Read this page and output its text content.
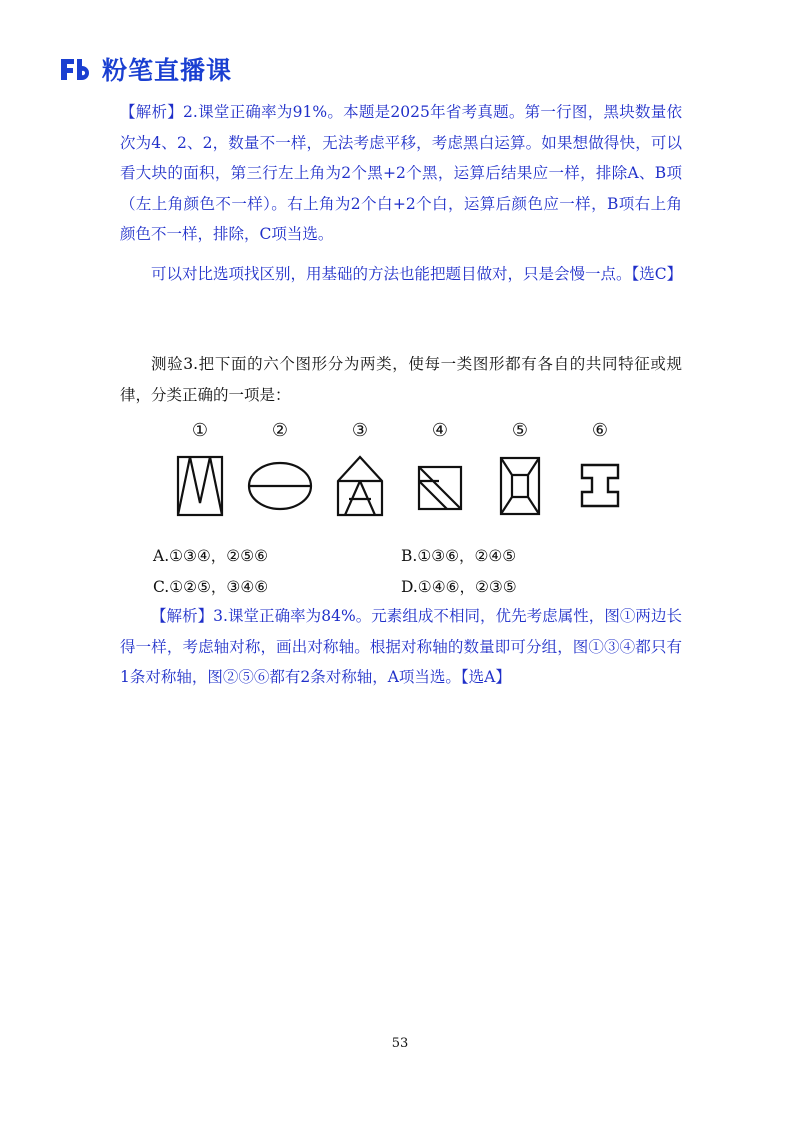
粉笔直播课

【解析】2.课堂正确率为91%。本题是2025年省考真题。第一行图，黑块数量依次为4、2、2，数量不一样，无法考虑平移，考虑黑白运算。如果想做得快，可以看大块的面积，第三行左上角为2个黑+2个黑，运算后结果应一样，排除A、B项（左上角颜色不一样）。右上角为2个白+2个白，运算后颜色应一样，B项右上角颜色不一样，排除，C项当选。

可以对比选项找区别，用基础的方法也能把题目做对，只是会慢一点。【选C】

测验3.把下面的六个图形分为两类，使每一类图形都有各自的共同特征或规律，分类正确的一项是：

①	②	③	④	⑤	⑥
A.①③④，②⑤⑥	B.①③⑥，②④⑤
C.①②⑤，③④⑥	D.①④⑥，②③⑤

【解析】3.课堂正确率为84%。元素组成不相同，优先考虑属性，图①两边长得一样，考虑轴对称，画出对称轴。根据对称轴的数量即可分组，图①③④都只有1条对称轴，图②⑤⑥都有2条对称轴，A项当选。【选A】

53
